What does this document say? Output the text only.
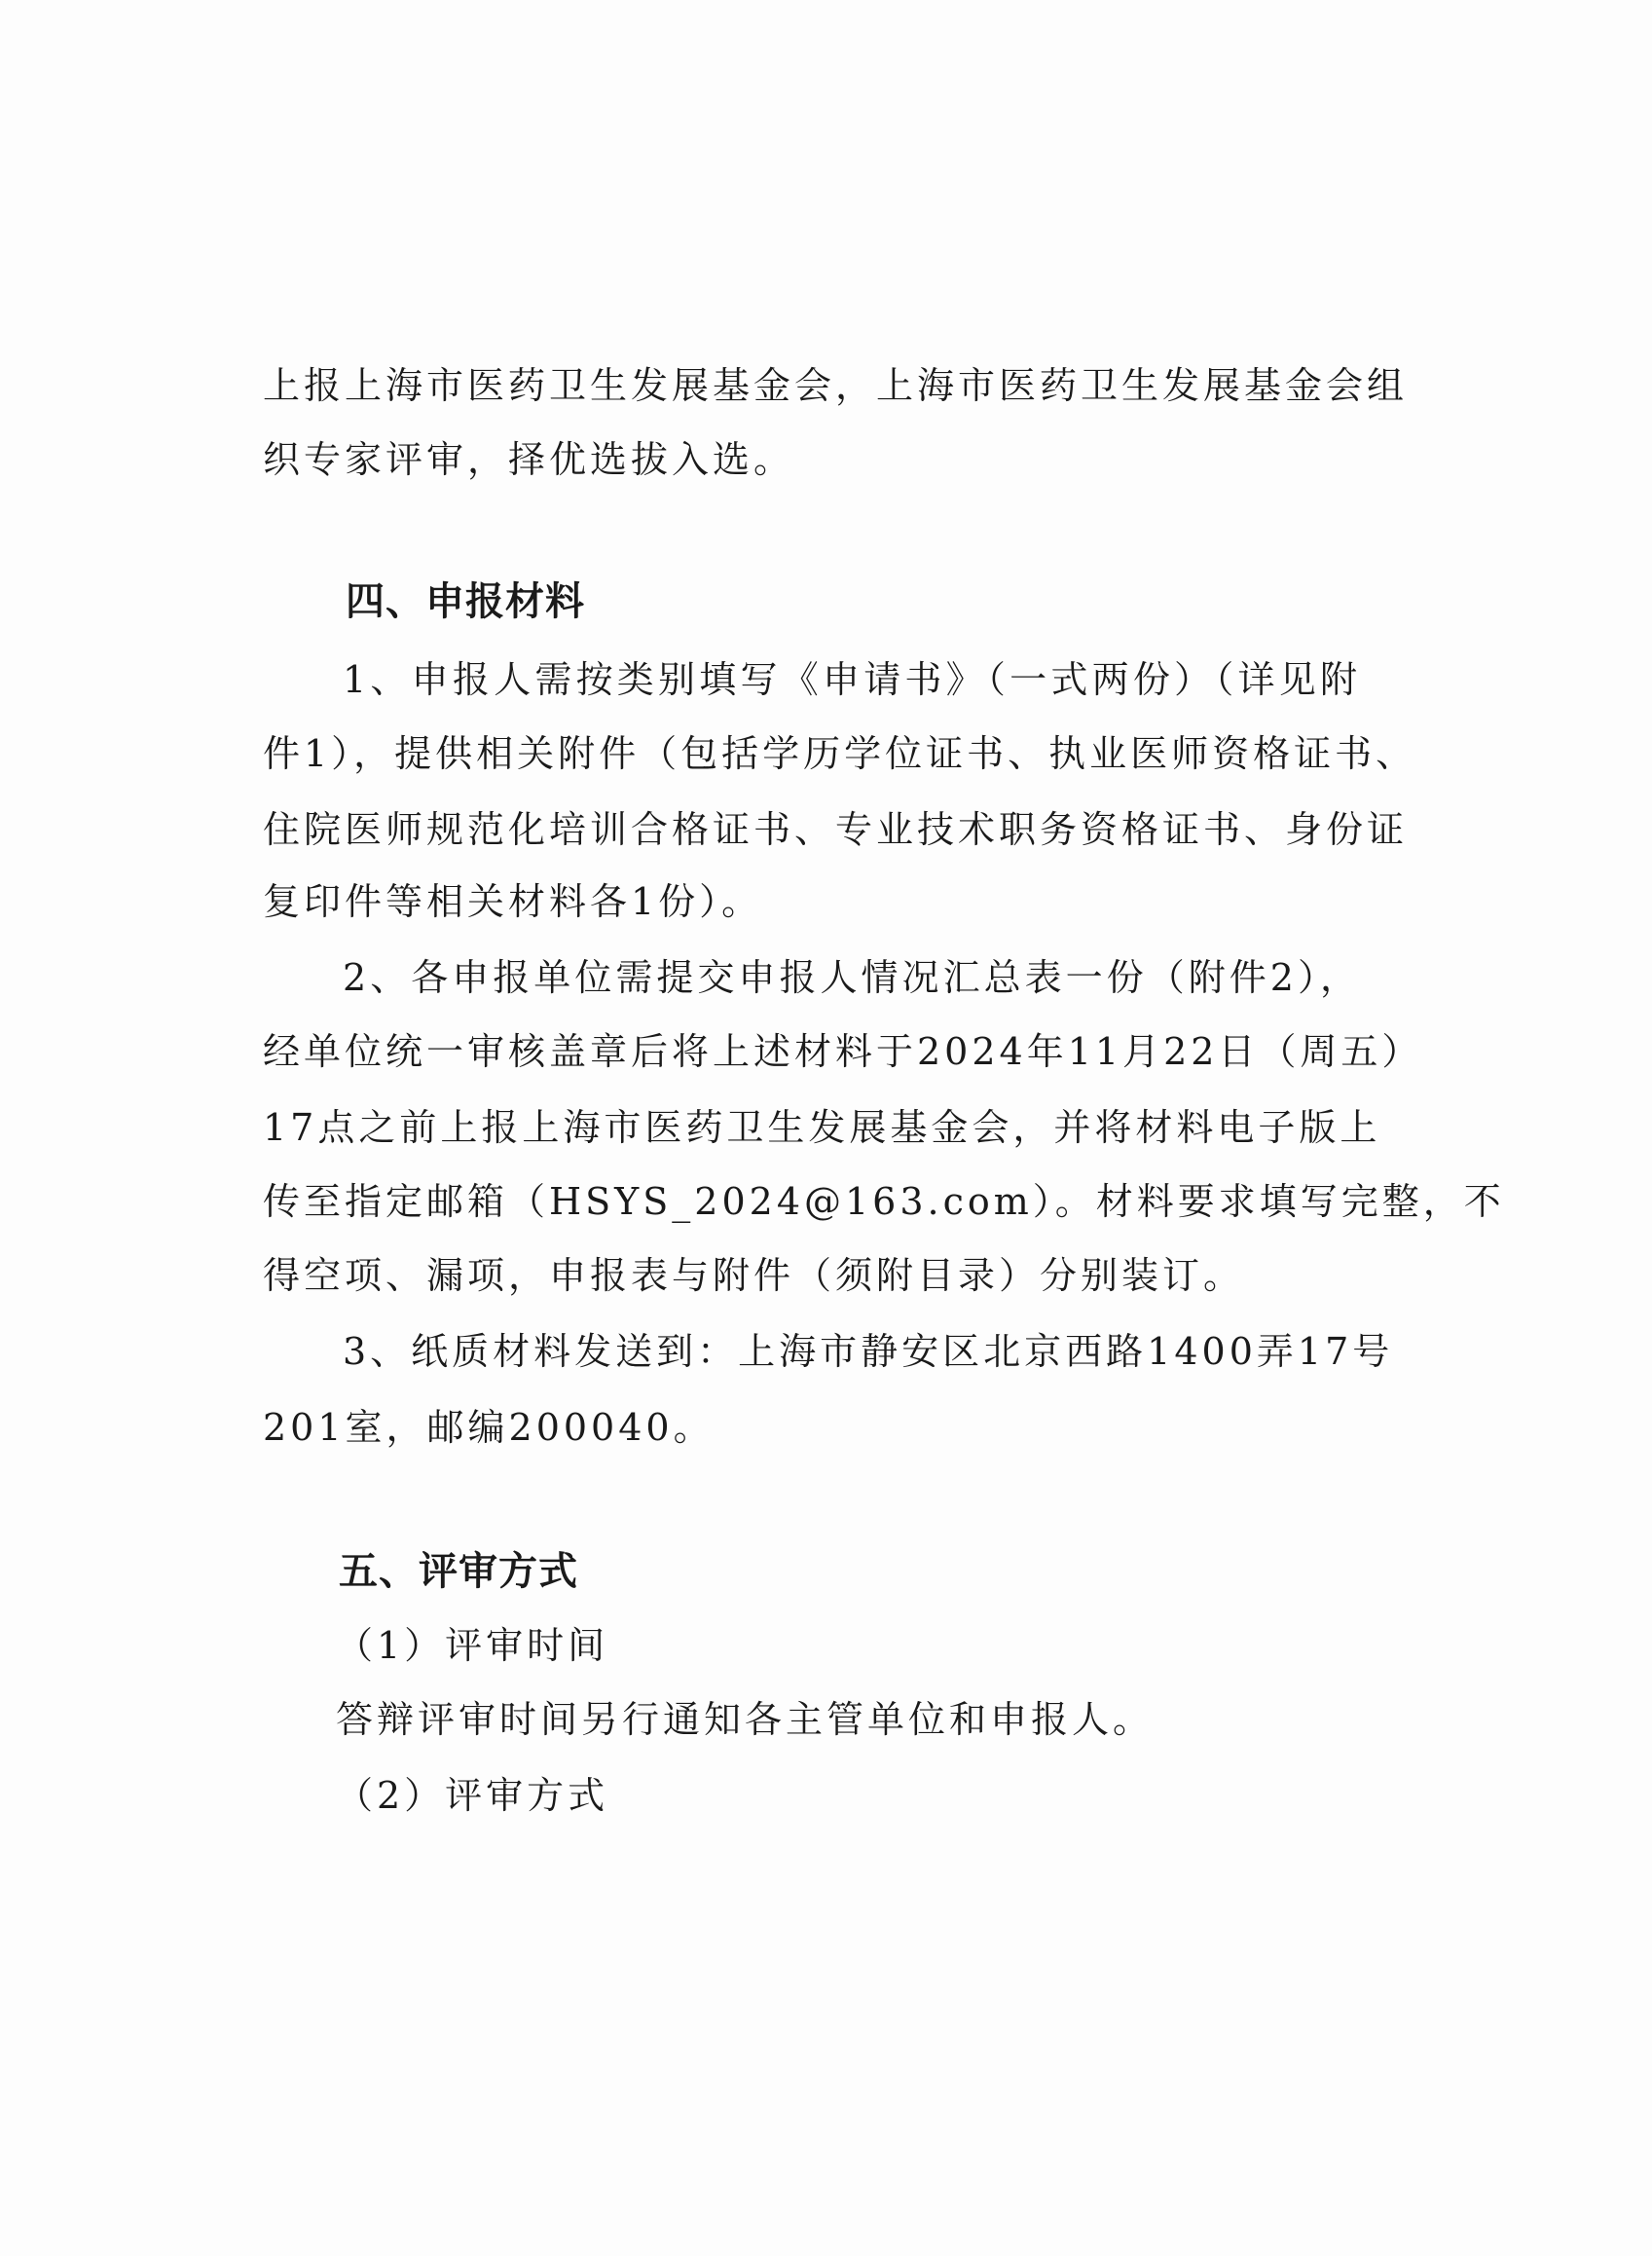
上报上海市医药卫生发展基金会，上海市医药卫生发展基金会组
织专家评审，择优选拔入选。
四、申报材料
1、申报人需按类别填写《申请书》（一式两份）（详见附
件1），提供相关附件（包括学历学位证书、执业医师资格证书、
住院医师规范化培训合格证书、专业技术职务资格证书、身份证
复印件等相关材料各1份）。
2、各申报单位需提交申报人情况汇总表一份（附件2），
经单位统一审核盖章后将上述材料于2024年11月22日（周五）
17点之前上报上海市医药卫生发展基金会，并将材料电子版上
传至指定邮箱（HSYS_2024@163.com）。材料要求填写完整，不
得空项、漏项，申报表与附件（须附目录）分别装订。
3、纸质材料发送到：上海市静安区北京西路1400弄17号
201室，邮编200040。
五、评审方式
（1）评审时间
答辩评审时间另行通知各主管单位和申报人。
（2）评审方式
